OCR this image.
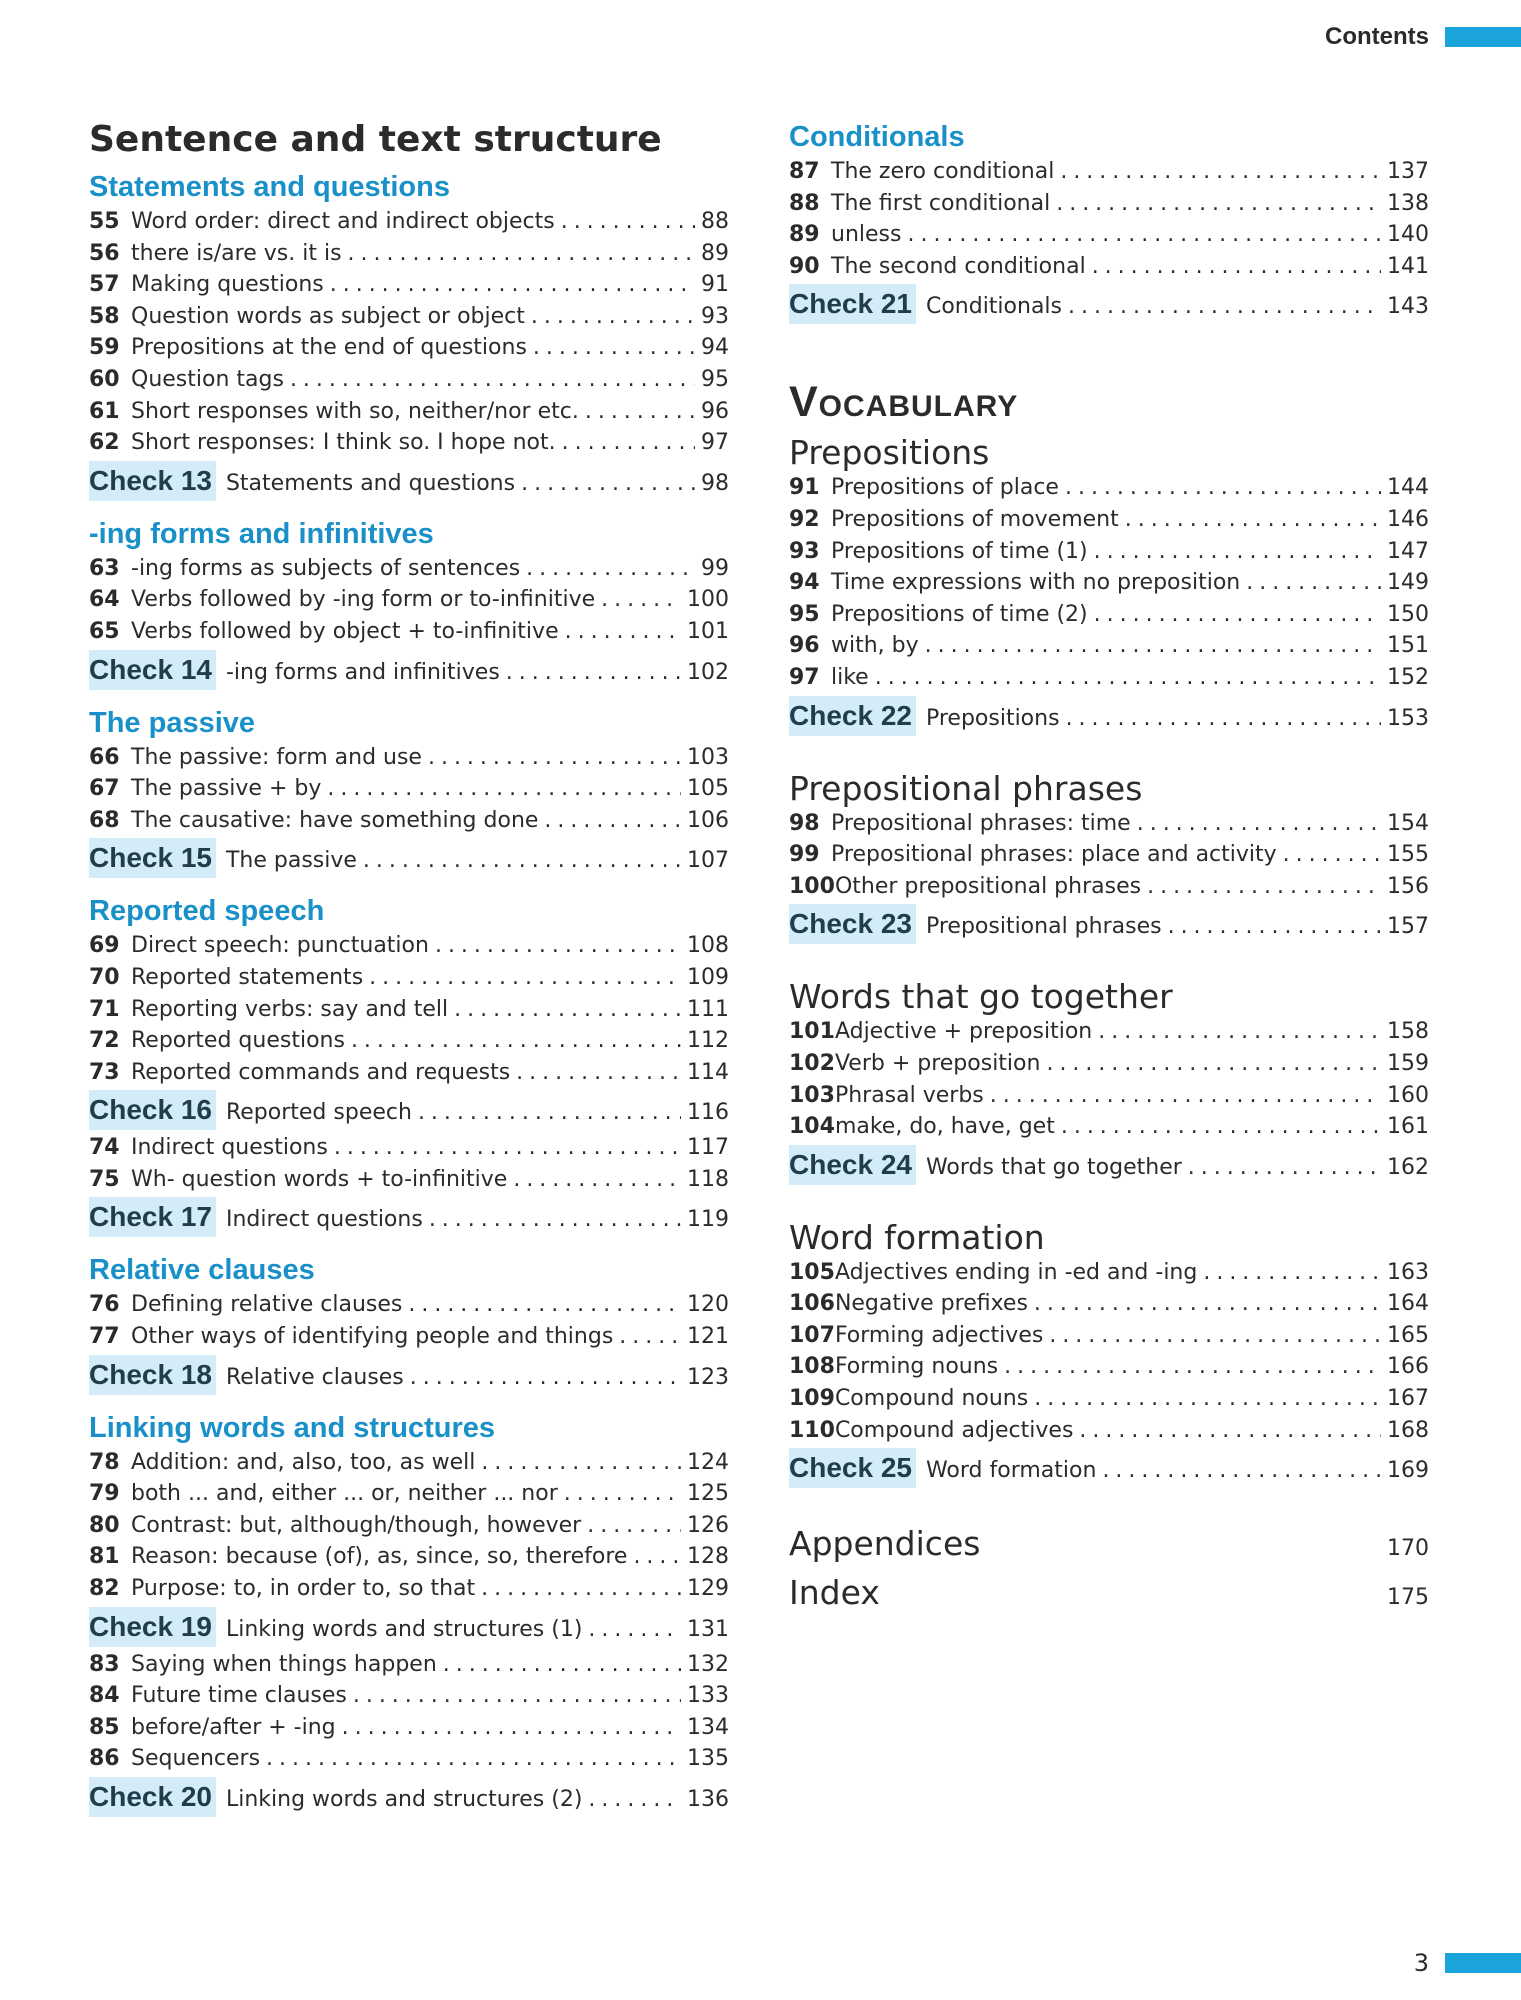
Contents
Sentence and text structure
Statements and questions
55 Word order: direct and indirect objects . . .	88
56 there is/are vs. it is . . .	89
57 Making questions . . .	91
58 Question words as subject or object . . .	93
59 Prepositions at the end of questions . . .	94
60 Question tags . . .	95
61 Short responses with so, neither/nor etc. . . .	96
62 Short responses: I think so. I hope not. . . .	97
Check 13 Statements and questions . . .	98
-ing forms and infinitives
63 -ing forms as subjects of sentences . . .	99
64 Verbs followed by -ing form or to-infinitive . . .	100
65 Verbs followed by object + to-infinitive . . .	101
Check 14 -ing forms and infinitives . . .	102
The passive
66 The passive: form and use . . .	103
67 The passive + by . . .	105
68 The causative: have something done . . .	106
Check 15 The passive . . .	107
Reported speech
69 Direct speech: punctuation . . .	108
70 Reported statements . . .	109
71 Reporting verbs: say and tell . . .	111
72 Reported questions . . .	112
73 Reported commands and requests . . .	114
Check 16 Reported speech . . .	116
74 Indirect questions . . .	117
75 Wh- question words + to-infinitive . . .	118
Check 17 Indirect questions . . .	119
Relative clauses
76 Defining relative clauses . . .	120
77 Other ways of identifying people and things . . .	121
Check 18 Relative clauses . . .	123
Linking words and structures
78 Addition: and, also, too, as well . . .	124
79 both ... and, either ... or, neither ... nor . . .	125
80 Contrast: but, although/though, however . . .	126
81 Reason: because (of), as, since, so, therefore . . .	128
82 Purpose: to, in order to, so that . . .	129
Check 19 Linking words and structures (1) . . .	131
83 Saying when things happen . . .	132
84 Future time clauses . . .	133
85 before/after + -ing . . .	134
86 Sequencers . . .	135
Check 20 Linking words and structures (2) . . .	136
Conditionals
87 The zero conditional . . .	137
88 The first conditional . . .	138
89 unless . . .	140
90 The second conditional . . .	141
Check 21 Conditionals . . .	143
Vocabulary
Prepositions
91 Prepositions of place . . .	144
92 Prepositions of movement . . .	146
93 Prepositions of time (1) . . .	147
94 Time expressions with no preposition . . .	149
95 Prepositions of time (2) . . .	150
96 with, by . . .	151
97 like . . .	152
Check 22 Prepositions . . .	153
Prepositional phrases
98 Prepositional phrases: time . . .	154
99 Prepositional phrases: place and activity . . .	155
100 Other prepositional phrases . . .	156
Check 23 Prepositional phrases . . .	157
Words that go together
101 Adjective + preposition . . .	158
102 Verb + preposition . . .	159
103 Phrasal verbs . . .	160
104 make, do, have, get . . .	161
Check 24 Words that go together . . .	162
Word formation
105 Adjectives ending in -ed and -ing . . .	163
106 Negative prefixes . . .	164
107 Forming adjectives . . .	165
108 Forming nouns . . .	166
109 Compound nouns . . .	167
110 Compound adjectives . . .	168
Check 25 Word formation . . .	169
Appendices	170
Index	175
3
